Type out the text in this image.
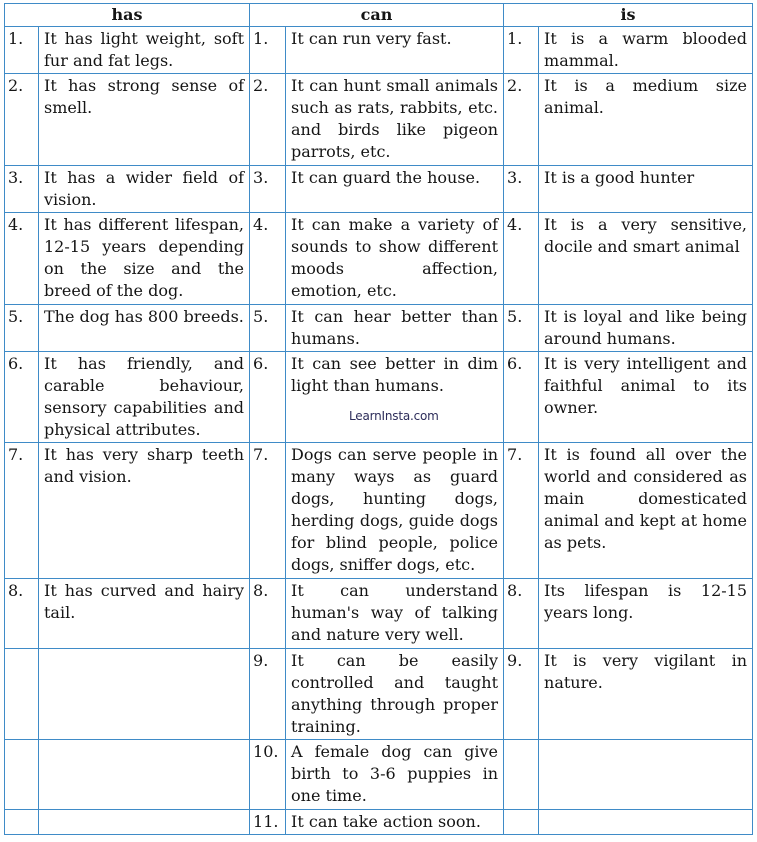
has		can		is	
1.	It has light weight, soft fur and fat legs.	1.	It can run very fast.	1.	It is a warm blooded mammal.
2.	It has strong sense of smell.	2.	It can hunt small animals such as rats, rabbits, etc. and birds like pigeon parrots, etc.	2.	It is a medium size animal.
3.	It has a wider field of vision.	3.	It can guard the house.	3.	It is a good hunter
4.	It has different lifespan, 12-15 years depending on the size and the breed of the dog.	4.	It can make a variety of sounds to show different moods affection, emotion, etc.	4.	It is a very sensitive, docile and smart animal
5.	The dog has 800 breeds.	5.	It can hear better than humans.	5.	It is loyal and like being around humans.
6.	It has friendly, and carable behaviour, sensory capabilities and physical attributes.	6.	It can see better in dim light than humans.	6.	It is very intelligent and faithful animal to its owner.
7.	It has very sharp teeth and vision.	7.	Dogs can serve people in many ways as guard dogs, hunting dogs, herding dogs, guide dogs for blind people, police dogs, sniffer dogs, etc.	7.	It is found all over the world and considered as main domesticated animal and kept at home as pets.
8.	It has curved and hairy tail.	8.	It can understand human's way of talking and nature very well.	8.	Its lifespan is 12-15 years long.
		9.	It can be easily controlled and taught anything through proper training.	9.	It is very vigilant in nature.
		10.	A female dog can give birth to 3-6 puppies in one time.		
		11.	It can take action soon.		
LearnInsta.com
